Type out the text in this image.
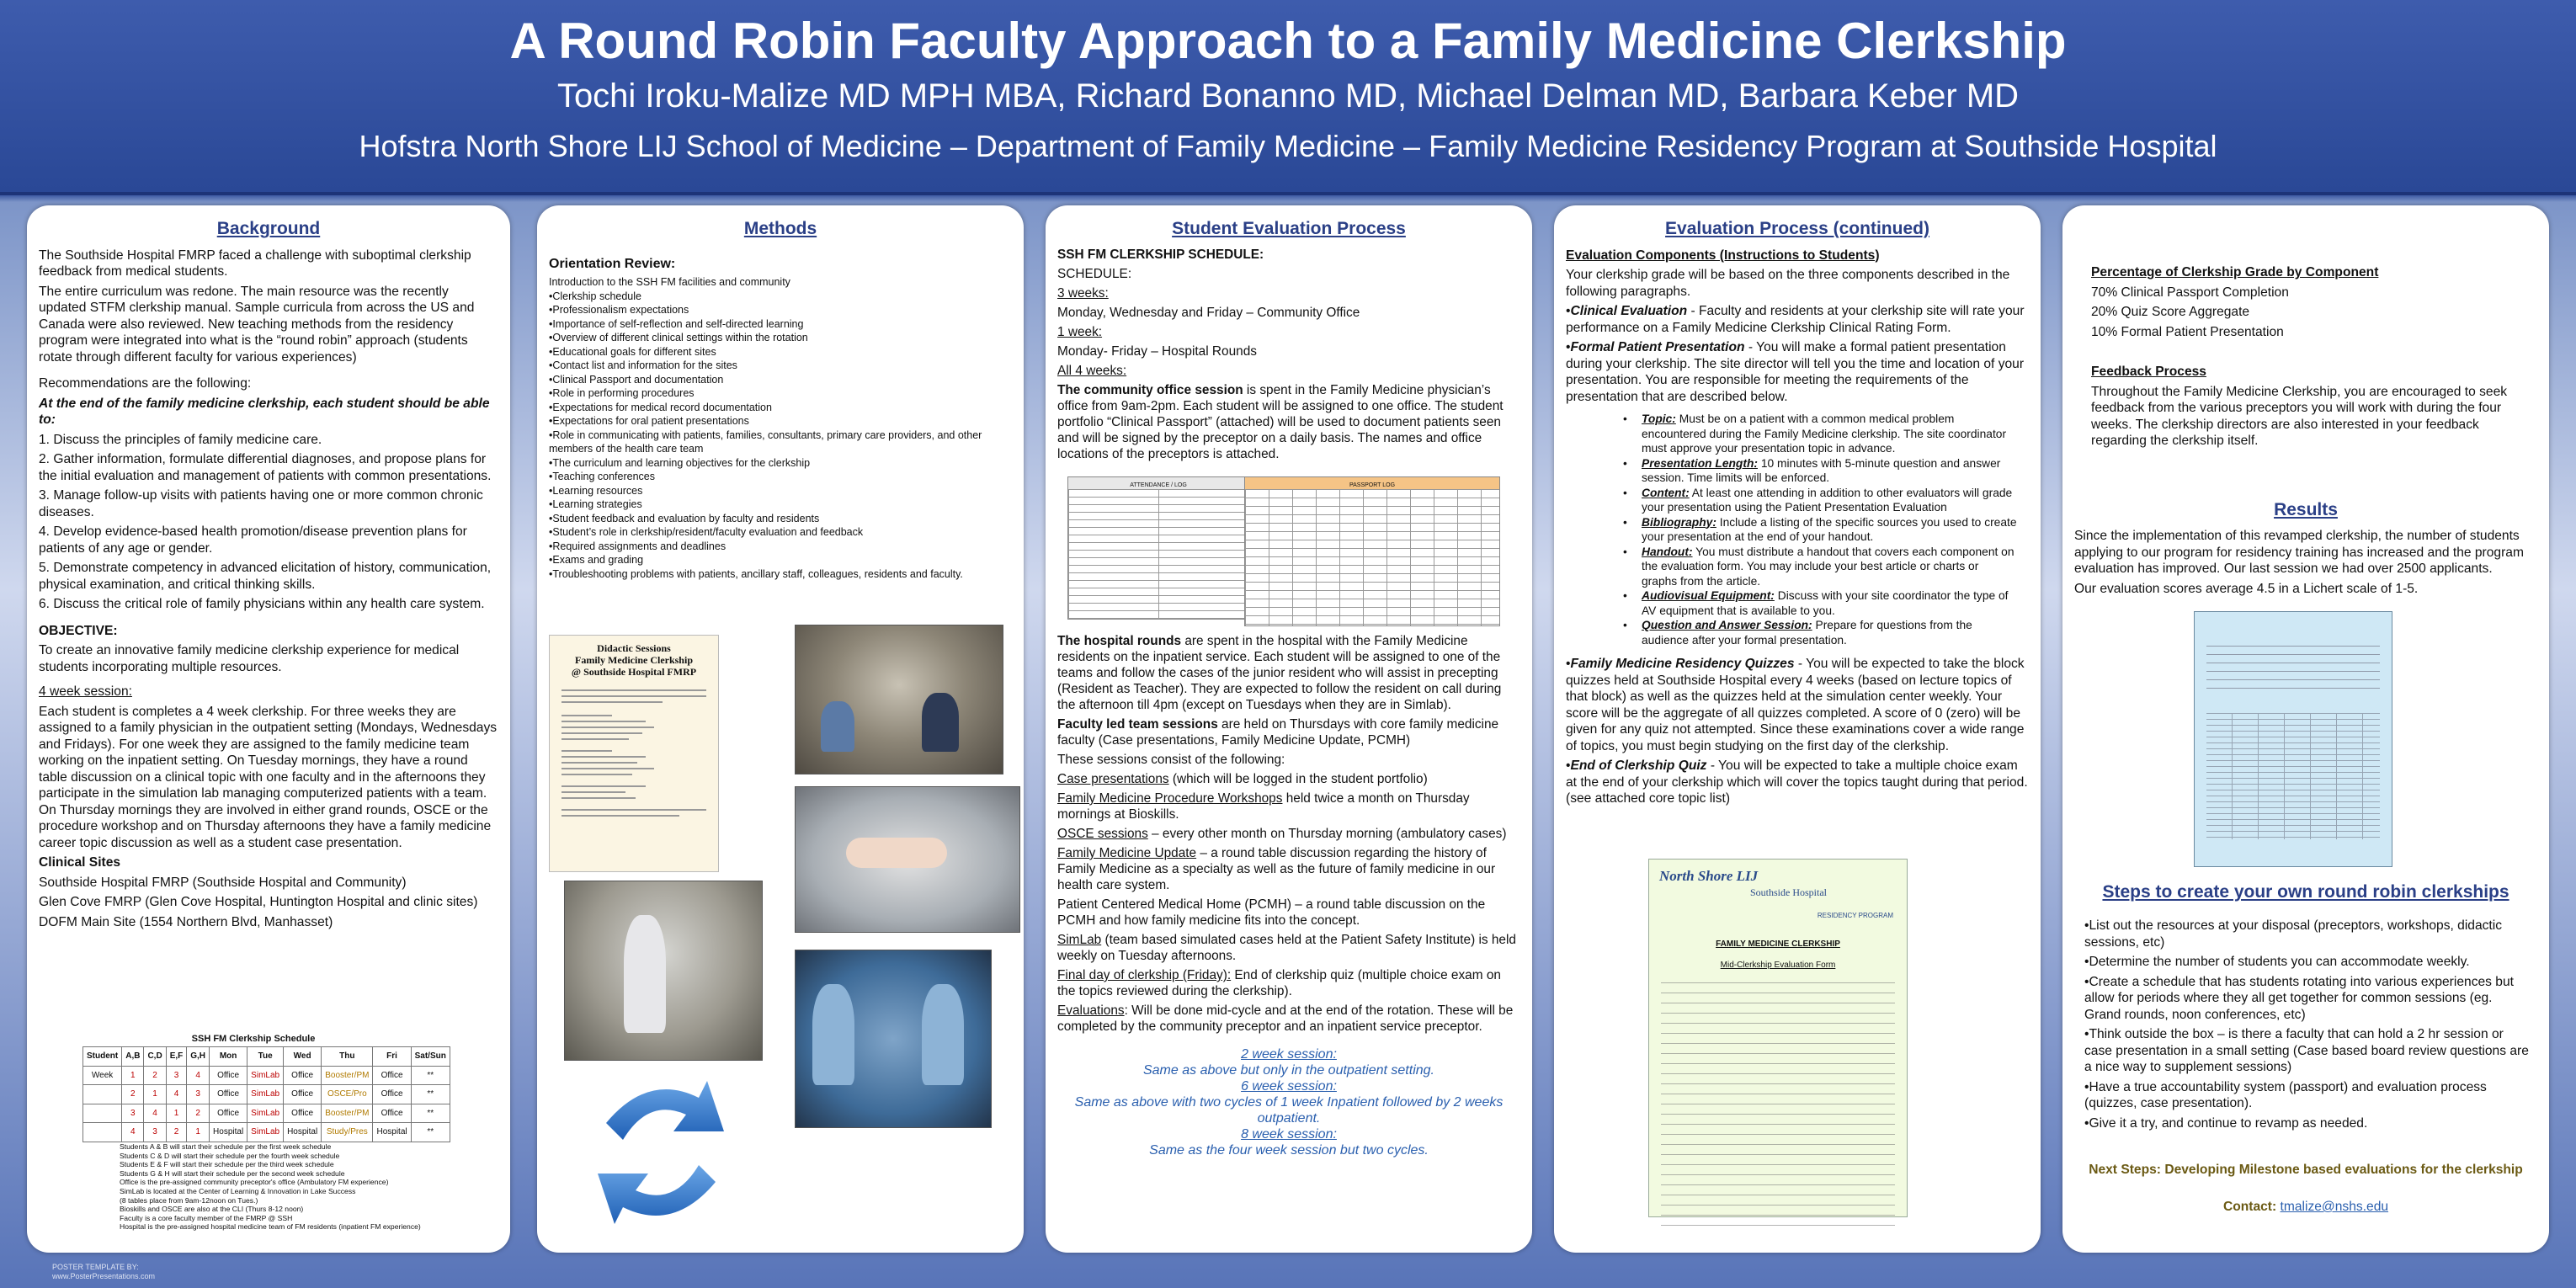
A Round Robin Faculty Approach to a Family Medicine Clerkship
Tochi Iroku-Malize MD MPH MBA, Richard Bonanno MD, Michael Delman MD, Barbara Keber MD
Hofstra North Shore LIJ School of Medicine – Department of Family Medicine – Family Medicine Residency Program at Southside Hospital
Background

The Southside Hospital FMRP faced a challenge with suboptimal clerkship feedback from medical students.

The entire curriculum was redone. The main resource was the recently updated STFM clerkship manual. Sample curricula from across the US and Canada were also reviewed. New teaching methods from the residency program were integrated into what is the “round robin” approach (students rotate through different faculty for various experiences)

Recommendations are the following:

At the end of the family medicine clerkship, each student should be able to:

1. Discuss the principles of family medicine care.

2. Gather information, formulate differential diagnoses, and propose plans for the initial evaluation and management of patients with common presentations.

3. Manage follow-up visits with patients having one or more common chronic diseases.

4. Develop evidence-based health promotion/disease prevention plans for patients of any age or gender.

5. Demonstrate competency in advanced elicitation of history, communication, physical examination, and critical thinking skills.

6. Discuss the critical role of family physicians within any health care system.

OBJECTIVE:

To create an innovative family medicine clerkship experience for medical students incorporating multiple resources.

4 week session:

Each student is completes a 4 week clerkship. For three weeks they are assigned to a family physician in the outpatient setting (Mondays, Wednesdays and Fridays). For one week they are assigned to the family medicine team working on the inpatient setting. On Tuesday mornings, they have a round table discussion on a clinical topic with one faculty and in the afternoons they participate in the simulation lab managing computerized patients with a team. On Thursday mornings they are involved in either grand rounds, OSCE or the procedure workshop and on Thursday afternoons they have a family medicine career topic discussion as well as a student case presentation.

Clinical Sites

Southside Hospital FMRP (Southside Hospital and Community)

Glen Cove FMRP (Glen Cove Hospital, Huntington Hospital and clinic sites)

DOFM Main Site (1554 Northern Blvd, Manhasset)

SSH FM Clerkship Schedule
Student	A,B	C,D	E,F	G,H	Mon	Tue	Wed	Thu	Fri	Sat/Sun
Week	1	2	3	4	Office	SimLab	Office	Booster/PM	Office	**
	2	1	4	3	Office	SimLab	Office	OSCE/Pro	Office	**
	3	4	1	2	Office	SimLab	Office	Booster/PM	Office	**
	4	3	2	1	Hospital	SimLab	Hospital	Study/Pres	Hospital	**
Students A & B will start their schedule per the first week schedule
Students C & D will start their schedule per the fourth week schedule
Students E & F will start their schedule per the third week schedule
Students G & H will start their schedule per the second week schedule
Office is the pre-assigned community preceptor's office (Ambulatory FM experience)
SimLab is located at the Center of Learning & Innovation in Lake Success
(8 tables place from 9am-12noon on Tues.)
Bioskills and OSCE are also at the CLI (Thurs 8-12 noon)
Faculty is a core faculty member of the FMRP @ SSH
Hospital is the pre-assigned hospital medicine team of FM residents (inpatient FM experience)
Methods

Orientation Review:

Introduction to the SSH FM facilities and community
•Clerkship schedule
•Professionalism expectations
•Importance of self-reflection and self-directed learning
•Overview of different clinical settings within the rotation
•Educational goals for different sites
•Contact list and information for the sites
•Clinical Passport and documentation
•Role in performing procedures
•Expectations for medical record documentation
•Expectations for oral patient presentations
•Role in communicating with patients, families, consultants, primary care providers, and other members of the health care team
•The curriculum and learning objectives for the clerkship
•Teaching conferences
•Learning resources
•Learning strategies
•Student feedback and evaluation by faculty and residents
•Student’s role in clerkship/resident/faculty evaluation and feedback
•Required assignments and deadlines
•Exams and grading
•Troubleshooting problems with patients, ancillary staff, colleagues, residents and faculty.
Didactic Sessions
Family Medicine Clerkship
@ Southside Hospital FMRP
Student Evaluation Process

SSH FM CLERKSHIP SCHEDULE:

SCHEDULE:

3 weeks:

Monday, Wednesday and Friday – Community Office

1 week:

Monday- Friday – Hospital Rounds

All 4 weeks:

The community office session is spent in the Family Medicine physician’s office from 9am-2pm. Each student will be assigned to one office. The student portfolio “Clinical Passport” (attached) will be used to document patients seen and will be signed by the preceptor on a daily basis. The names and office locations of the preceptors is attached.

ATTENDANCE / LOG	PASSPORT LOG

The hospital rounds are spent in the hospital with the Family Medicine residents on the inpatient service. Each student will be assigned to one of the teams and follow the cases of the junior resident who will assist in precepting (Resident as Teacher). They are expected to follow the resident on call during the afternoon till 4pm (except on Tuesdays when they are in Simlab).

Faculty led team sessions are held on Thursdays with core family medicine faculty (Case presentations, Family Medicine Update, PCMH)

These sessions consist of the following:

Case presentations (which will be logged in the student portfolio)

Family Medicine Procedure Workshops held twice a month on Thursday mornings at Bioskills.

OSCE sessions – every other month on Thursday morning (ambulatory cases)

Family Medicine Update – a round table discussion regarding the history of Family Medicine as a specialty as well as the future of family medicine in our health care system.

Patient Centered Medical Home (PCMH) – a round table discussion on the PCMH and how family medicine fits into the concept.

SimLab (team based simulated cases held at the Patient Safety Institute) is held weekly on Tuesday afternoons.

Final day of clerkship (Friday): End of clerkship quiz (multiple choice exam on the topics reviewed during the clerkship).

Evaluations: Will be done mid-cycle and at the end of the rotation. These will be completed by the community preceptor and an inpatient service preceptor.

2 week session:
Same as above but only in the outpatient setting.
6 week session:
Same as above with two cycles of 1 week Inpatient followed by 2 weeks outpatient.
8 week session:
Same as the four week session but two cycles.
Evaluation Process (continued)

Evaluation Components (Instructions to Students)

Your clerkship grade will be based on the three components described in the following paragraphs.

•Clinical Evaluation - Faculty and residents at your clerkship site will rate your performance on a Family Medicine Clerkship Clinical Rating Form.

•Formal Patient Presentation - You will make a formal patient presentation during your clerkship. The site director will tell you the time and location of your presentation. You are responsible for meeting the requirements of the presentation that are described below.

• Topic: Must be on a patient with a common medical problem encountered during the Family Medicine clerkship. The site coordinator must approve your presentation topic in advance.
• Presentation Length: 10 minutes with 5-minute question and answer session. Time limits will be enforced.
• Content: At least one attending in addition to other evaluators will grade your presentation using the Patient Presentation Evaluation
• Bibliography: Include a listing of the specific sources you used to create your presentation at the end of your handout.
• Handout: You must distribute a handout that covers each component on the evaluation form. You may include your best article or charts or graphs from the article.
• Audiovisual Equipment: Discuss with your site coordinator the type of AV equipment that is available to you.
• Question and Answer Session: Prepare for questions from the audience after your formal presentation.

•Family Medicine Residency Quizzes - You will be expected to take the block quizzes held at Southside Hospital every 4 weeks (based on lecture topics of that block) as well as the quizzes held at the simulation center weekly. Your score will be the aggregate of all quizzes completed. A score of 0 (zero) will be given for any quiz not attempted. Since these examinations cover a wide range of topics, you must begin studying on the first day of the clerkship.

•End of Clerkship Quiz - You will be expected to take a multiple choice exam at the end of your clerkship which will cover the topics taught during that period. (see attached core topic list)

North Shore LIJ
Southside Hospital
RESIDENCY PROGRAM
FAMILY MEDICINE CLERKSHIP
Mid-Clerkship Evaluation Form

Percentage of Clerkship Grade by Component

70% Clinical Passport Completion

20% Quiz Score Aggregate

10% Formal Patient Presentation

Feedback Process

Throughout the Family Medicine Clerkship, you are encouraged to seek feedback from the various preceptors you will work with during the four weeks. The clerkship directors are also interested in your feedback regarding the clerkship itself.

Results

Since the implementation of this revamped clerkship, the number of students applying to our program for residency training has increased and the program evaluation has improved. Our last session we had over 2500 applicants.

Our evaluation scores average 4.5 in a Lichert scale of 1-5.

Steps to create your own round robin clerkships

•List out the resources at your disposal (preceptors, workshops, didactic sessions, etc)

•Determine the number of students you can accommodate weekly.

•Create a schedule that has students rotating into various experiences but allow for periods where they all get together for common sessions (eg. Grand rounds, noon conferences, etc)

•Think outside the box – is there a faculty that can hold a 2 hr session or case presentation in a small setting (Case based board review questions are a nice way to supplement sessions)

•Have a true accountability system (passport) and evaluation process (quizzes, case presentation).

•Give it a try, and continue to revamp as needed.

Next Steps: Developing Milestone based evaluations for the clerkship
Contact: tmalize@nshs.edu
POSTER TEMPLATE BY:
www.PosterPresentations.com
